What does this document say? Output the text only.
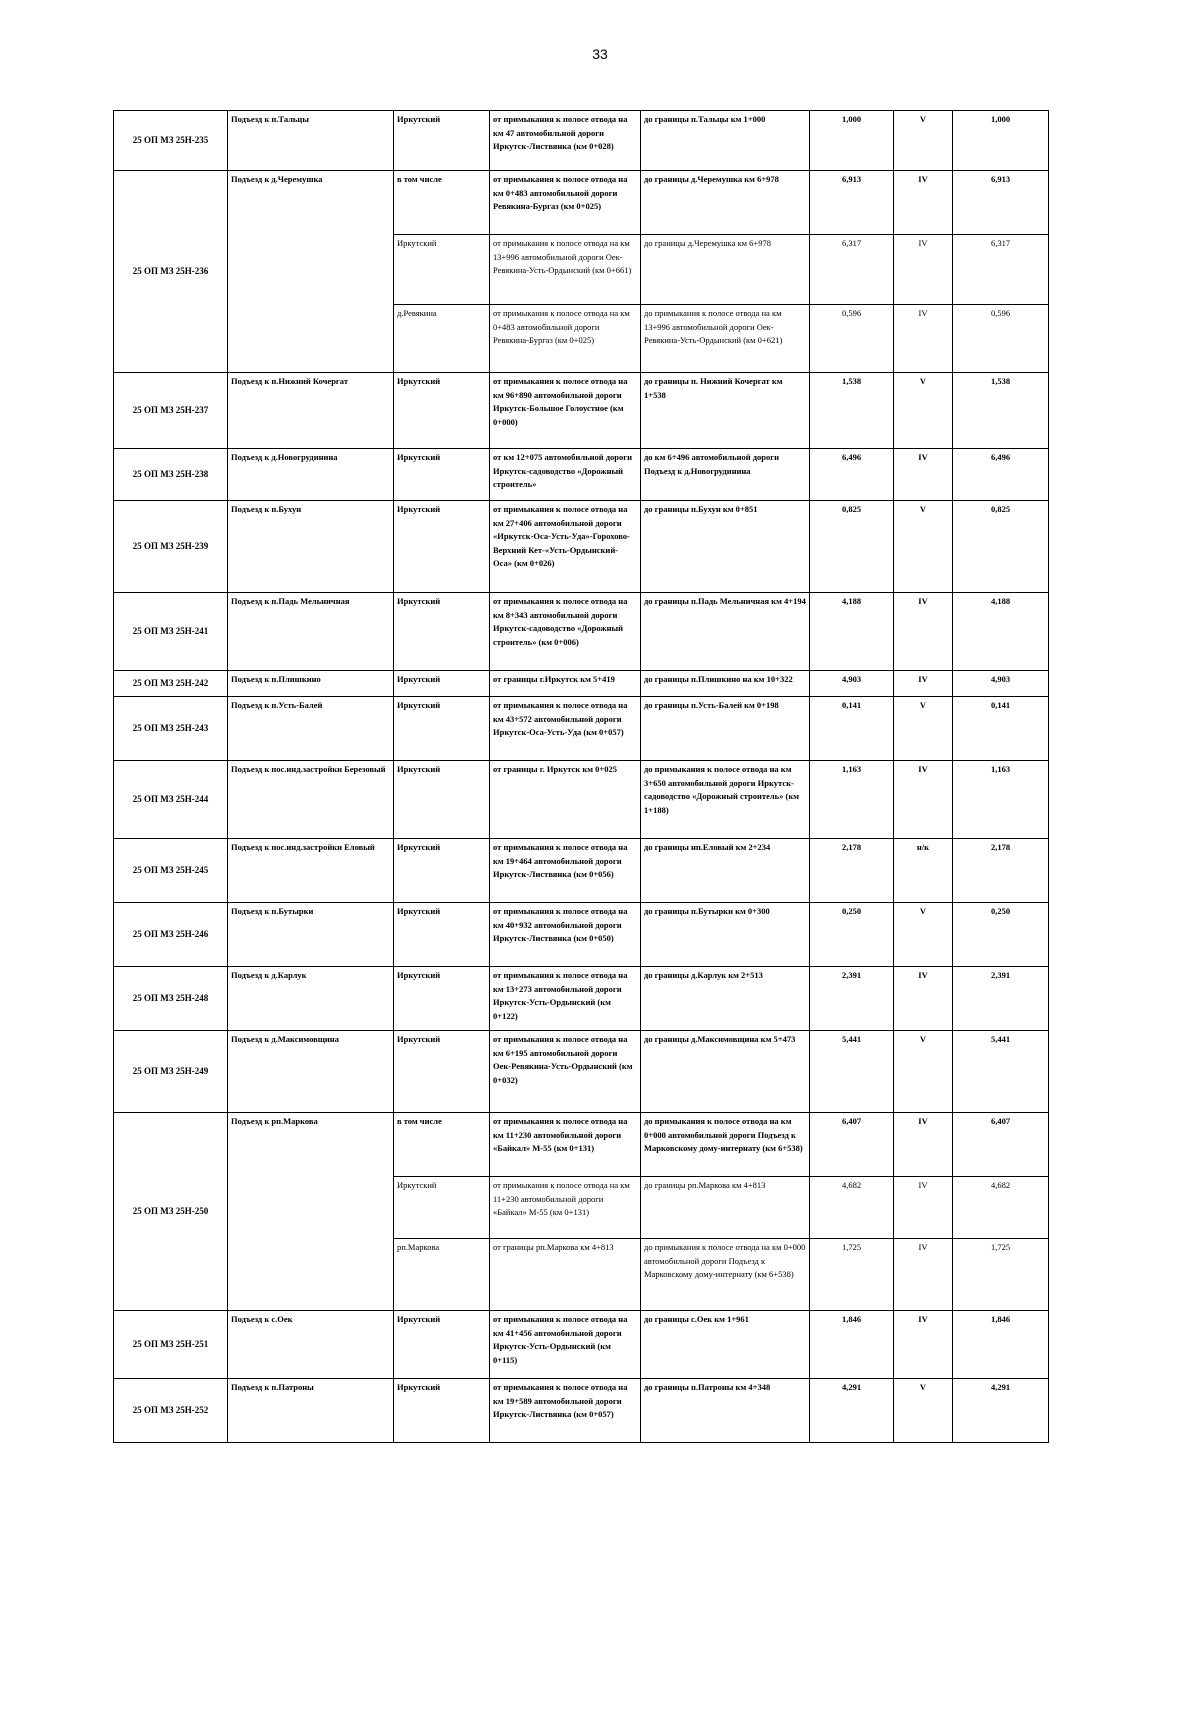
33
25 ОП МЗ 25Н-235	Подъезд к п.Тальцы	Иркутский	от примыкания к полосе отвода на км 47 автомобильной дороги Иркутск-Листвянка (км 0+028)	до границы п.Тальцы км 1+000	1,000	V	1,000
25 ОП МЗ 25Н-236	Подъезд к д.Черемушка	в том числе	от примыкания к полосе отвода на км 0+483 автомобильной дороги Ревякина-Бургаз (км 0+025)	до границы д.Черемушка км 6+978	6,913	IV	6,913
		Иркутский	от примыкания к полосе отвода на км 13+996 автомобильной дороги Оек-Ревякина-Усть-Ордынский (км 0+661)	до границы д.Черемушка км 6+978	6,317	IV	6,317
		д.Ревякина	от примыкания к полосе отвода на км 0+483 автомобильной дороги Ревякина-Бургаз (км 0+025)	до примыкания к полосе отвода на км 13+996 автомобильной дороги Оек-Ревякина-Усть-Ордынский (км 0+621)	0,596	IV	0,596
25 ОП МЗ 25Н-237	Подъезд к п.Нижний Кочергат	Иркутский	от примыкания к полосе отвода на км 96+890 автомобильной дороги Иркутск-Большое Голоустное (км 0+000)	до границы п. Нижний Кочергат км 1+538	1,538	V	1,538
25 ОП МЗ 25Н-238	Подъезд к д.Новогрудинина	Иркутский	от км 12+075 автомобильной дороги Иркутск-садоводство «Дорожный строитель»	до км 6+496 автомобильной дороги Подъезд к д.Новогрудинина	6,496	IV	6,496
25 ОП МЗ 25Н-239	Подъезд к п.Бухун	Иркутский	от примыкания к полосе отвода на км 27+406 автомобильной дороги «Иркутск-Оса-Усть-Уда»-Горохово-Верхний Кет-«Усть-Ордынский-Оса» (км 0+026)	до границы п.Бухун км 0+851	0,825	V	0,825
25 ОП МЗ 25Н-241	Подъезд к п.Падь Мельничная	Иркутский	от примыкания к полосе отвода на км 8+343 автомобильной дороги Иркутск-садоводство «Дорожный строитель» (км 0+006)	до границы п.Падь Мельничная км 4+194	4,188	IV	4,188
25 ОП МЗ 25Н-242	Подъезд к п.Плишкино	Иркутский	от границы г.Иркутск км 5+419	до границы п.Плишкино на км 10+322	4,903	IV	4,903
25 ОП МЗ 25Н-243	Подъезд к п.Усть-Балей	Иркутский	от примыкания к полосе отвода на км 43+572 автомобильной дороги Иркутск-Оса-Усть-Уда (км 0+057)	до границы п.Усть-Балей км 0+198	0,141	V	0,141
25 ОП МЗ 25Н-244	Подъезд к пос.инд.застройки Березовый	Иркутский	от границы г. Иркутск км 0+025	до примыкания к полосе отвода на км 3+650 автомобильной дороги Иркутск-садоводство «Дорожный строитель» (км 1+188)	1,163	IV	1,163
25 ОП МЗ 25Н-245	Подъезд к пос.инд.застройки Еловый	Иркутский	от примыкания к полосе отвода на км 19+464 автомобильной дороги Иркутск-Листвянка (км 0+056)	до границы нп.Еловый км 2+234	2,178	н/к	2,178
25 ОП МЗ 25Н-246	Подъезд к п.Бутырки	Иркутский	от примыкания к полосе отвода на км 40+932 автомобильной дороги Иркутск-Листвянка (км 0+050)	до границы п.Бутырки км 0+300	0,250	V	0,250
25 ОП МЗ 25Н-248	Подъезд к д.Карлук	Иркутский	от примыкания к полосе отвода на км 13+273 автомобильной дороги Иркутск-Усть-Ордынский (км 0+122)	до границы д.Карлук км 2+513	2,391	IV	2,391
25 ОП МЗ 25Н-249	Подъезд к д.Максимовщина	Иркутский	от примыкания к полосе отвода на км 6+195 автомобильной дороги Оек-Ревякина-Усть-Ордынский (км 0+032)	до границы д.Максимовщина км 5+473	5,441	V	5,441
25 ОП МЗ 25Н-250	Подъезд к рп.Маркова	в том числе	от примыкания к полосе отвода на км 11+230 автомобильной дороги «Байкал» М-55 (км 0+131)	до примыкания к полосе отвода на км 0+000 автомобильной дороги Подъезд к Марковскому дому-интернату (км 6+538)	6,407	IV	6,407
		Иркутский	от примыкания к полосе отвода на км 11+230 автомобильной дороги «Байкал» М-55 (км 0+131)	до границы рп.Маркова км 4+813	4,682	IV	4,682
		рп.Маркова	от границы рп.Маркова км 4+813	до примыкания к полосе отвода на км 0+000 автомобильной дороги Подъезд к Марковскому дому-интернату (км 6+538)	1,725	IV	1,725
25 ОП МЗ 25Н-251	Подъезд к с.Оек	Иркутский	от примыкания к полосе отвода на км 41+456 автомобильной дороги Иркутск-Усть-Ордынский (км 0+115)	до границы с.Оек км 1+961	1,846	IV	1,846
25 ОП МЗ 25Н-252	Подъезд к п.Патроны	Иркутский	от примыкания к полосе отвода на км 19+589 автомобильной дороги Иркутск-Листвянка (км 0+057)	до границы п.Патроны км 4+348	4,291	V	4,291
